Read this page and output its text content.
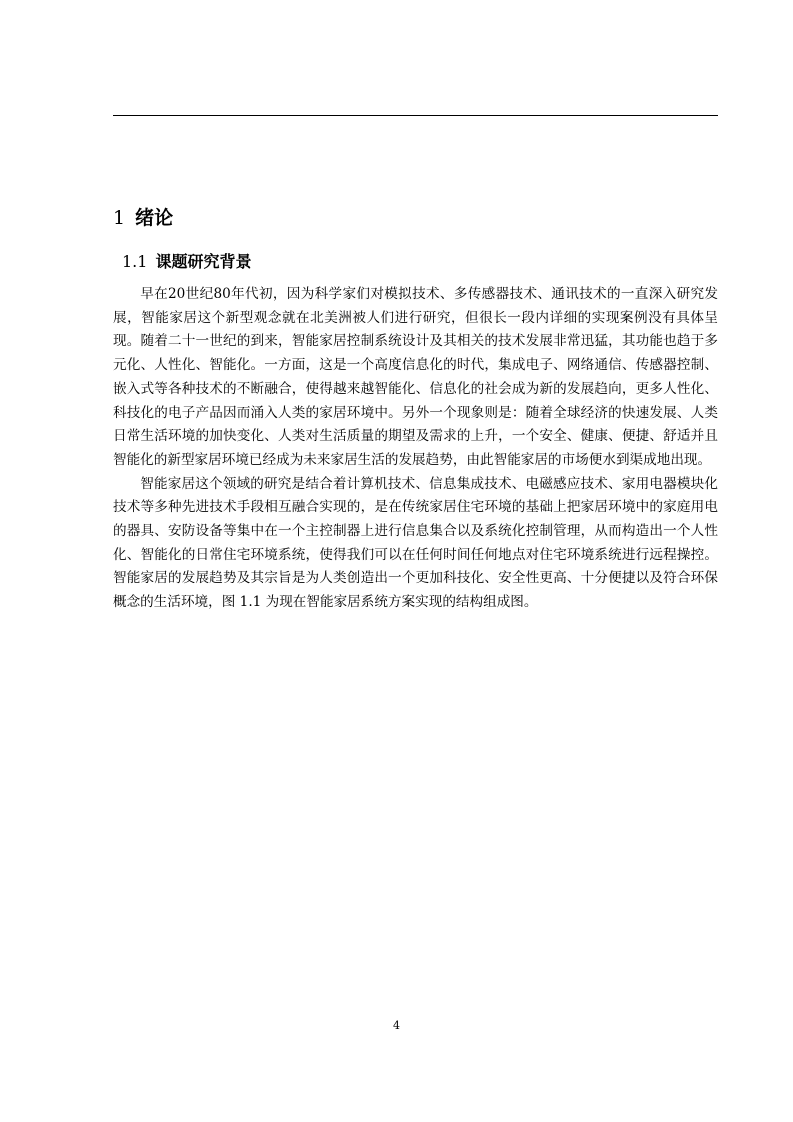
1 绪论
1.1 课题研究背景

早在20世纪80年代初，因为科学家们对模拟技术、多传感器技术、通讯技术的一直深入研究发展，智能家居这个新型观念就在北美洲被人们进行研究，但很长一段内详细的实现案例没有具体呈现。随着二十一世纪的到来，智能家居控制系统设计及其相关的技术发展非常迅猛，其功能也趋于多元化、人性化、智能化。一方面，这是一个高度信息化的时代，集成电子、网络通信、传感器控制、嵌入式等各种技术的不断融合，使得越来越智能化、信息化的社会成为新的发展趋向，更多人性化、科技化的电子产品因而涌入人类的家居环境中。另外一个现象则是：随着全球经济的快速发展、人类日常生活环境的加快变化、人类对生活质量的期望及需求的上升，一个安全、健康、便捷、舒适并且智能化的新型家居环境已经成为未来家居生活的发展趋势，由此智能家居的市场便水到渠成地出现。

智能家居这个领域的研究是结合着计算机技术、信息集成技术、电磁感应技术、家用电器模块化技术等多种先进技术手段相互融合实现的，是在传统家居住宅环境的基础上把家居环境中的家庭用电的器具、安防设备等集中在一个主控制器上进行信息集合以及系统化控制管理，从而构造出一个人性化、智能化的日常住宅环境系统，使得我们可以在任何时间任何地点对住宅环境系统进行远程操控。智能家居的发展趋势及其宗旨是为人类创造出一个更加科技化、安全性更高、十分便捷以及符合环保概念的生活环境，图 1.1 为现在智能家居系统方案实现的结构组成图。

4
